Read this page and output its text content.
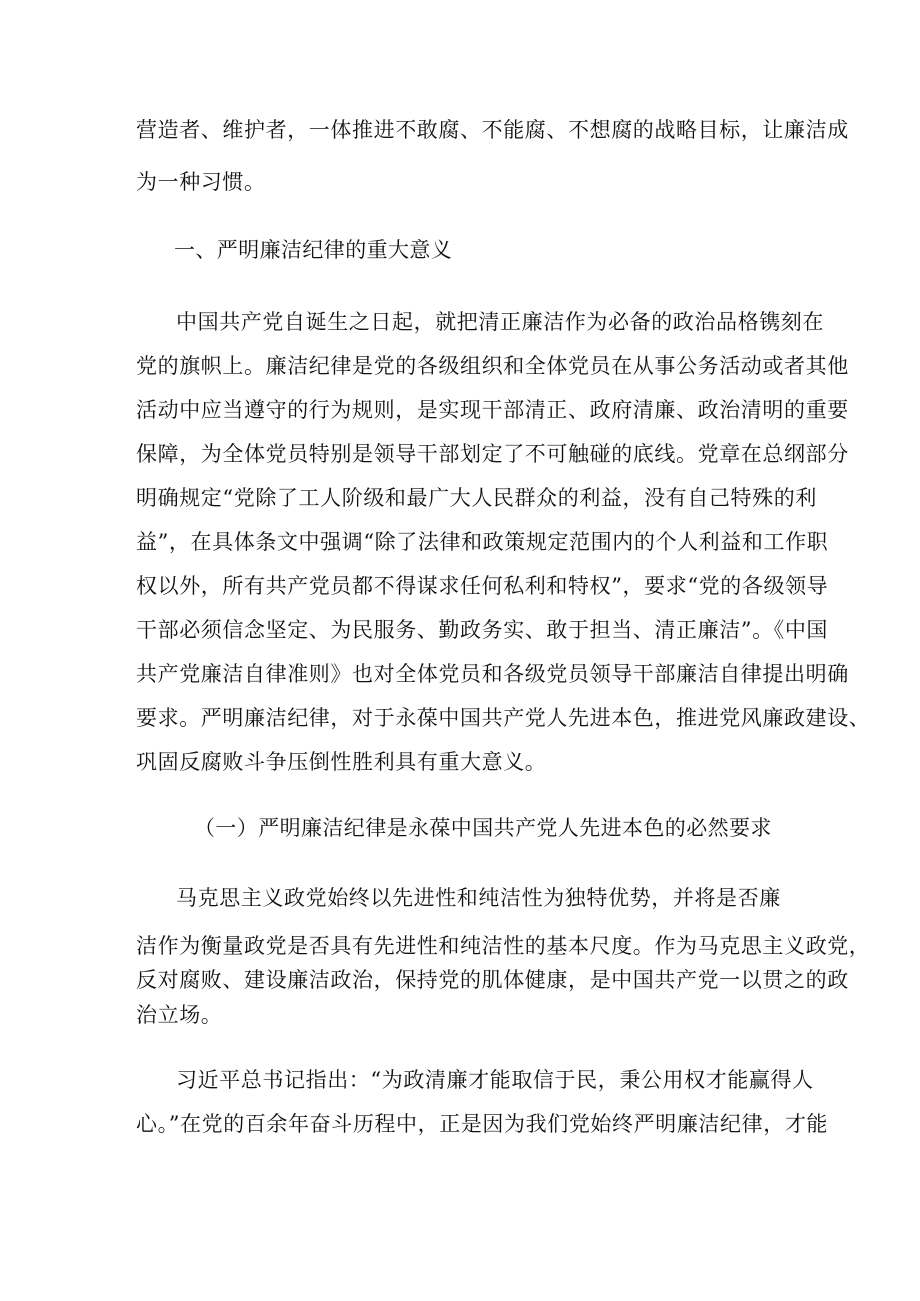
营造者、维护者，一体推进不敢腐、不能腐、不想腐的战略目标，让廉洁成
为一种习惯。
一、严明廉洁纪律的重大意义
中国共产党自诞生之日起，就把清正廉洁作为必备的政治品格镌刻在
党的旗帜上。廉洁纪律是党的各级组织和全体党员在从事公务活动或者其他
活动中应当遵守的行为规则，是实现干部清正、政府清廉、政治清明的重要
保障，为全体党员特别是领导干部划定了不可触碰的底线。党章在总纲部分
明确规定“党除了工人阶级和最广大人民群众的利益，没有自己特殊的利
益”，在具体条文中强调“除了法律和政策规定范围内的个人利益和工作职
权以外，所有共产党员都不得谋求任何私利和特权”，要求“党的各级领导
干部必须信念坚定、为民服务、勤政务实、敢于担当、清正廉洁”。《中国
共产党廉洁自律准则》也对全体党员和各级党员领导干部廉洁自律提出明确
要求。严明廉洁纪律，对于永葆中国共产党人先进本色，推进党风廉政建设、
巩固反腐败斗争压倒性胜利具有重大意义。
（一）严明廉洁纪律是永葆中国共产党人先进本色的必然要求
马克思主义政党始终以先进性和纯洁性为独特优势，并将是否廉
洁作为衡量政党是否具有先进性和纯洁性的基本尺度。作为马克思主义政党，
反对腐败、建设廉洁政治，保持党的肌体健康，是中国共产党一以贯之的政
治立场。
习近平总书记指出：“为政清廉才能取信于民，秉公用权才能赢得人
心。”在党的百余年奋斗历程中，正是因为我们党始终严明廉洁纪律，才能
